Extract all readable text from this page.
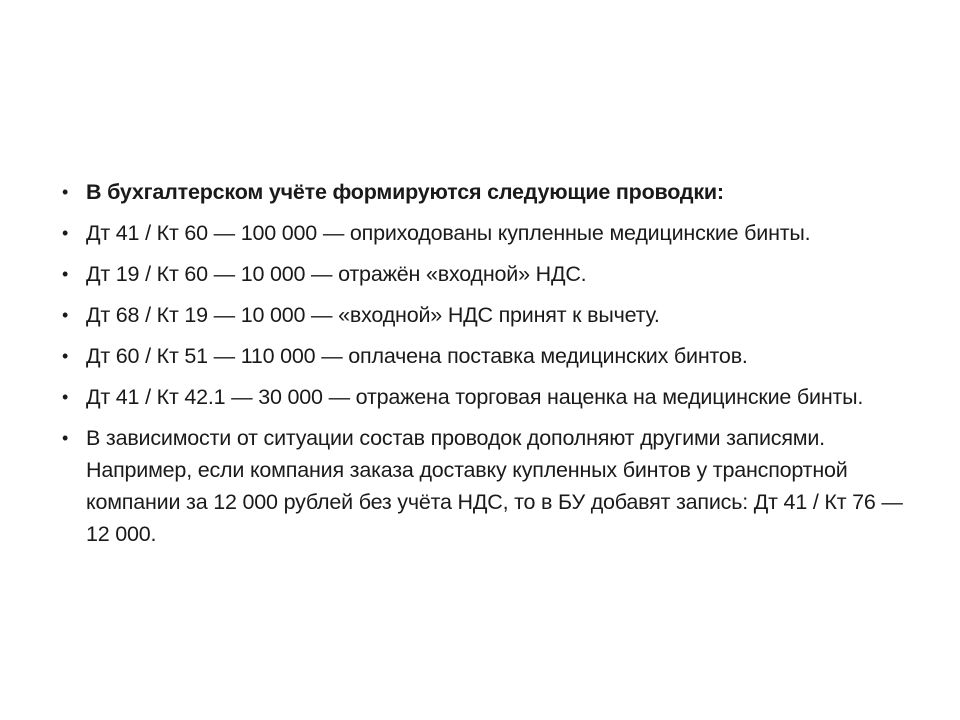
• В бухгалтерском учёте формируются следующие проводки:
• Дт 41 / Кт 60 — 100 000 — оприходованы купленные медицинские бинты.
• Дт 19 / Кт 60 — 10 000 — отражён «входной» НДС.
• Дт 68 / Кт 19 — 10 000 — «входной» НДС принят к вычету.
• Дт 60 / Кт 51 — 110 000 — оплачена поставка медицинских бинтов.
• Дт 41 / Кт 42.1 — 30 000 — отражена торговая наценка на медицинские бинты.
• В зависимости от ситуации состав проводок дополняют другими записями. Например, если компания заказа доставку купленных бинтов у транспортной компании за 12 000 рублей без учёта НДС, то в БУ добавят запись: Дт 41 / Кт 76 — 12 000.
